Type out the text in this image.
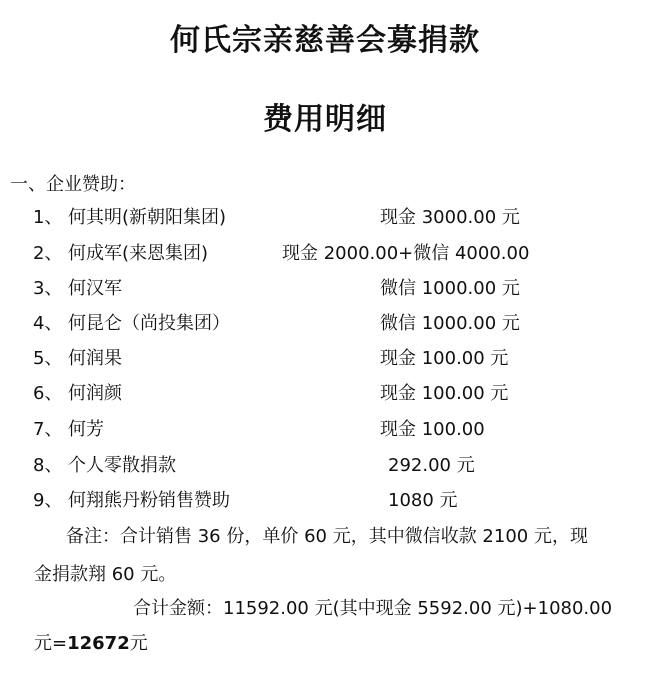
何氏宗亲慈善会募捐款
费用明细
一、企业赞助：
1、 何其明(新朝阳集团)	现金 3000.00 元
2、 何成军(来恩集团)	现金 2000.00+微信 4000.00
3、 何汉军	微信 1000.00 元
4、 何昆仑（尚投集团）	微信 1000.00 元
5、 何润果	现金 100.00 元
6、 何润颜	现金 100.00 元
7、 何芳	现金 100.00
8、 个人零散捐款	292.00 元
9、 何翔熊丹粉销售赞助	1080 元
备注：合计销售 36 份，单价 60 元，其中微信收款 2100 元，现
金捐款翔 60 元。
合计金额：11592.00 元(其中现金 5592.00 元)+1080.00
元=12672元
